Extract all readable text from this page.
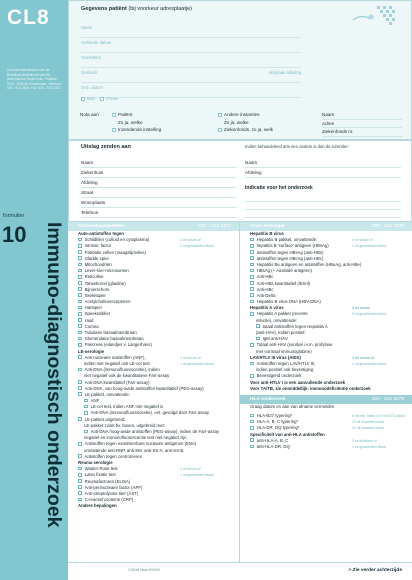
CL8
Centraal laboratorium van de Bloedtransfusiedienst van het Nederlandse Rode Kruis. Postbus 9190, 1006 AD Amsterdam. Telefoon: 020 - 512 3456. Fax: 020 - 512 3332
formulier
10 Immuno-diagnostisch onderzoek
Gegevens patiënt (bij voorkeur adresplaatje)
Naam
Geboorte datum
Voorletters
Geslacht	afspraak afdeling
Geb. datum
Man	Vrouw
Nota aan	Patiënt
Zo ja, welke
Inzendende instelling
Andere instanties
Zo ja, welke
Ziekenfonds, zo ja, welk
Naam
Adres
Ziekenfonds nr.
Uitslag zenden aan	Indien behandelend arts een andere is dan de inzender:
Naam
Ziekenhuis
Afdeling
Straat
Woonplaats
Telefoon
Naam
Afdeling
Indicatie voor het onderzoek
Autoimmuunziekten	020 - 512 3473
Auto-antistoffen tegen
Schildklier (colloid en cytoplasma)	4 ml serum of
Intrinsic factor	1 ml gescheiden bloed
Pariëtale cellen (maagslijmvlies)
Gladde spier
Mitochondriën
Lever-nier-microsomen
Reticuline
Tarwekorrel (gliadine)
Bijnierschors
Skeletspier
Acetylcholinereceptoren
Hartspier
Speekselklier
Huid
Cornea
Tubulaire basaalmembraan
Glomerulaire basaalmembraan
Pancreas (eilandjes v. Langerhans)
LE-serologie
Anti-nucleaire antistoffen (ANF),	4 ml serum of
indien niet negatief ook LE-cel test	1 ml gescheiden bloed
Anti-DNA (immunofluorescentie), indien
niet negatief ook de kwantitatieve Farr-assay
Anti-DNA kwantitatief (Farr-assay)
Anti-DNA, van hoog-avide antistoffen kwantitatief (PEG-assay)
LE-pakket, omvattende:
ANF
LE-cel test, indien ANF niet negatief is
Anti-DNA (immunofluorescentie), evt. gevolgd door Farr-assay
LE-pakket uitgebreid:
LE-pakket zoals bv. boven, uitgebreid met:
Anti-DNA hoog-avide antistoffen (PEG-assay), indien de Farr-assay
negatief en immunofluorescentie test niet negatief zijn
Antistoffen tegen extraheerbare nucleaire antigenen (ENA)
omvattende anti-RNP, anti-SM, anti-SS-A, anti-SS-B,
Antistoffen tegen centromeren
Reuma serologie
Waaler-Rose test	4 ml serum of
Latex fixatie test	1 ml gescheiden bloed
Reumafactoren (ELISA)
Anti-perinucleaire factor (APF)
Anti-streptolysine titer (AST)
C-reactief proteïne (CRP)
Andere bepalingen
Virus serologie	020 - 512 3206
Hepatitis B virus
Hepatitis B pakket, omvattende:	4 ml serum of
hepatitis B 'surface' antigeen (HBsAg)	1 ml gescheiden bloed
antistoffen tegen HBsAg (anti-HBs)
antistoffen tegen HBcAg (anti-HBc)
Hepatitis Be antigeen en antistoffen (HBeAg, anti-HBe)
HBsAg (+ Australië antigeen)
Anti-HBc
Anti-HBs kwantitatief (IE/ml)
Anti-HBc
Anti-Delta
Hepatitis B virus DNA (HBV-DNA)
Hepatitis A virus	4 ml serum
Hepatitis A pakket (recente	5 ml gescheiden bloed
infectie), omvattende:
totaal antistoffen tegen Hepatitis A
(anti-HAV), indien positief:
IgM anti-HAV
Totaal anti-HAV (voorkal i.v.m. profylaxe
met normaal immunoglobine)
LAV/HTLV III virus (AIDS)	4 ml serum of
Antistoffen tegen LAV/HTLV III,	1 ml gescheiden bloed
indien positief ook bevestiging
Bevestigend onderzoek
Voor anti-HTLV I is een aanvullende onderzoek
Voor TA/TB, zie onmiddellijk: immunodeficiëntie onderzoek
HLA-onderzoek	020 - 512 3079
Graag datum en aan van afname vermelden
HLA-B27 typering*	5 ml hep. bloed of 3 ml EDTA bloed
HLA-A, B, C typering*	20 ml heparine bloed
HLA-DR, DQ typering*	20 ml heparine bloed
Specificiteit van anti-HLA antistoffen
anti-HLA-A, B, C	3 ml stolbloed of
anti-HLA-DR, DQ	1 ml gescheiden bloed
2.6048 Nivel-RV000	> Zie verder achterzijde
